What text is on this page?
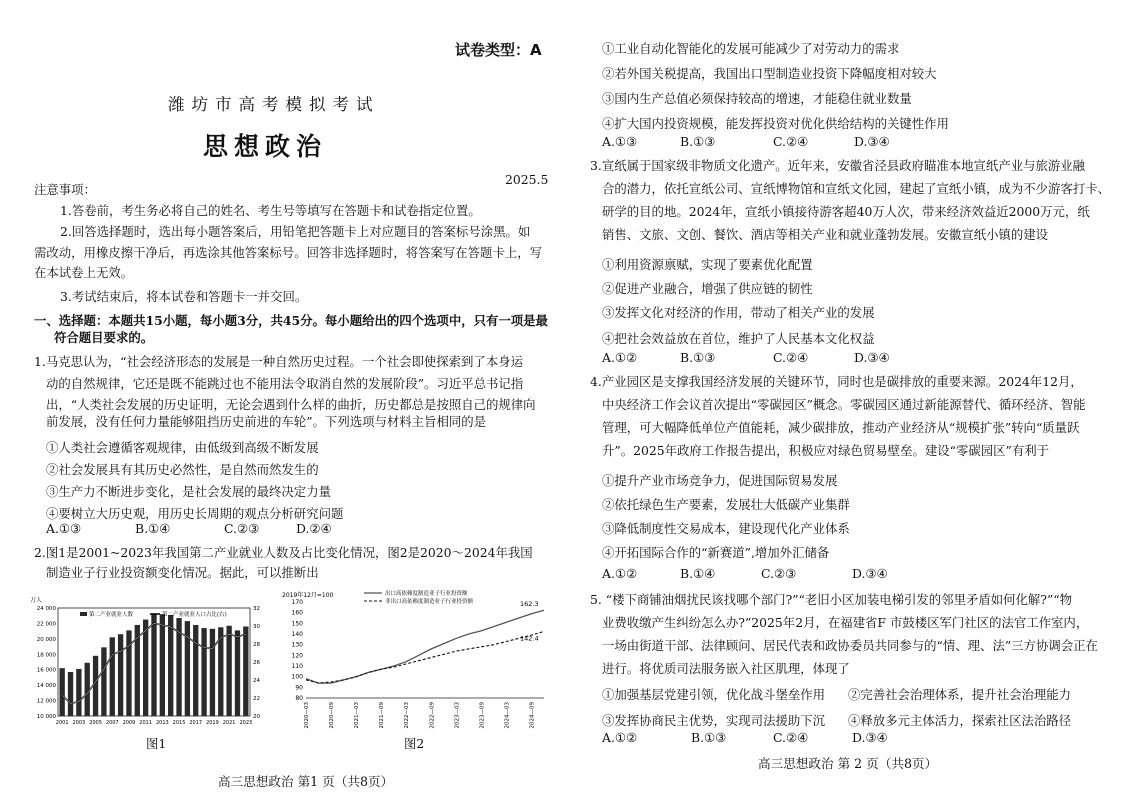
试卷类型：A
潍坊市高考模拟考试
思想政治
2025.5
注意事项：
1.答卷前，考生务必将自己的姓名、考生号等填写在答题卡和试卷指定位置。
2.回答选择题时，选出每小题答案后，用铅笔把答题卡上对应题目的答案标号涂黑。如
需改动，用橡皮擦干净后，再选涂其他答案标号。回答非选择题时，将答案写在答题卡上，写
在本试卷上无效。
3.考试结束后，将本试卷和答题卡一并交回。
一、选择题：本题共15小题，每小题3分，共45分。每小题给出的四个选项中，只有一项是最
符合题目要求的。
1.马克思认为，“社会经济形态的发展是一种自然历史过程。一个社会即使探索到了本身运
动的自然规律，它还是既不能跳过也不能用法令取消自然的发展阶段”。习近平总书记指
出，“人类社会发展的历史证明，无论会遇到什么样的曲折，历史都总是按照自己的规律向
前发展，没有任何力量能够阻挡历史前进的车轮”。下列选项与材料主旨相同的是
①人类社会遵循客观规律，由低级到高级不断发展
②社会发展具有其历史必然性，是自然而然发生的
③生产力不断进步变化，是社会发展的最终决定力量
④要树立大历史观，用历史长周期的观点分析研究问题
A.①③	B.①④	C.②③	D.②④
2.图1是2001~2023年我国第二产业就业人数及占比变化情况，图2是2020～2024年我国
制造业子行业投资额变化情况。据此，可以推断出
万人
10 000
12 000
14 000
16 000
18 000
20 000
22 000
24 000
20
22
24
26
28
30
32
2001 2003 2005 2007 2009 2011 2013 2015 2017 2019 2021 2023
第二产业就业人数	第二产业就业人口占比(右)
2019年12月=100
80
90
100
110
120
130
140
150
160
170	162.3
142.4
2020—03	2020—09	2021—03	2021—09	2022—03	2022—09	2023—03	2023—09	2024—03	2024—09
出口高依赖度制造业子行业投资额
非出口高依赖度制造业子行业投资额
图1	图2
高三思想政治 第1 页（共8页）
①工业自动化智能化的发展可能减少了对劳动力的需求
②若外国关税提高，我国出口型制造业投资下降幅度相对较大
③国内生产总值必须保持较高的增速，才能稳住就业数量
④扩大国内投资规模，能发挥投资对优化供给结构的关键性作用
A.①③	B.①③	C.②④	D.③④
3.宣纸属于国家级非物质文化遗产。近年来，安徽省泾县政府瞄准本地宣纸产业与旅游业融
合的潜力，依托宣纸公司、宣纸博物馆和宣纸文化园，建起了宣纸小镇，成为不少游客打卡、
研学的目的地。2024年，宣纸小镇接待游客超40万人次，带来经济效益近2000万元，纸
销售、文旅、文创、餐饮、酒店等相关产业和就业蓬勃发展。安徽宣纸小镇的建设
①利用资源禀赋，实现了要素优化配置
②促进产业融合，增强了供应链的韧性
③发挥文化对经济的作用，带动了相关产业的发展
④把社会效益放在首位，维护了人民基本文化权益
A.①②	B.①③	C.②④	D.③④
4.产业园区是支撑我国经济发展的关键环节，同时也是碳排放的重要来源。2024年12月，
中央经济工作会议首次提出“零碳园区”概念。零碳园区通过新能源替代、循环经济、智能
管理，可大幅降低单位产值能耗，减少碳排放，推动产业经济从“规模扩张”转向“质量跃
升”。2025年政府工作报告提出，积极应对绿色贸易壁垒。建设“零碳园区”有利于
①提升产业市场竞争力，促进国际贸易发展
②依托绿色生产要素，发展壮大低碳产业集群
③降低制度性交易成本，建设现代化产业体系
④开拓国际合作的“新赛道”,增加外汇储备
A.①②	B.①④	C.②③	D.③④
5. “楼下商铺油烟扰民该找哪个部门?”“老旧小区加装电梯引发的邻里矛盾如何化解?”“物
业费收缴产生纠纷怎么办?”2025年2月，在福建省F 市鼓楼区军门社区的法官工作室内，
一场由街道干部、法律顾问、居民代表和政协委员共同参与的“情、理、法”三方协调会正在
进行。将优质司法服务嵌入社区肌理，体现了
①加强基层党建引领，优化战斗堡垒作用 ②完善社会治理体系，提升社会治理能力
③发挥协商民主优势，实现司法援助下沉 ④释放多元主体活力，探索社区法治路径
A.①②	B.①③	C.②④	D.③④
高三思想政治 第 2 页（共8页）
